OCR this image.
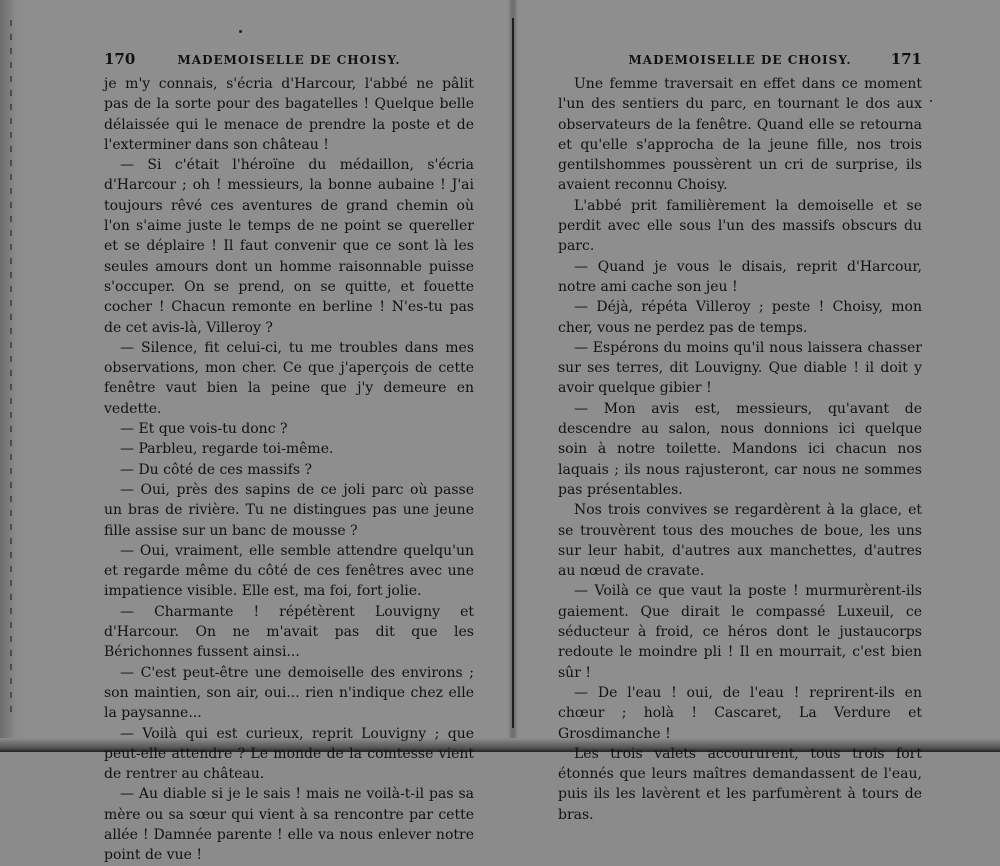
170	MADEMOISELLE DE CHOISY.

je m'y connais, s'écria d'Harcour, l'abbé ne pâlit pas de la sorte pour des bagatelles ! Quelque belle délaissée qui le menace de prendre la poste et de l'exterminer dans son château !

— Si c'était l'héroïne du médaillon, s'écria d'Harcour ; oh ! messieurs, la bonne aubaine ! J'ai toujours rêvé ces aventures de grand chemin où l'on s'aime juste le temps de ne point se quereller et se déplaire ! Il faut convenir que ce sont là les seules amours dont un homme raisonnable puisse s'occuper. On se prend, on se quitte, et fouette cocher ! Chacun remonte en berline ! N'es-tu pas de cet avis-là, Villeroy ?

— Silence, fit celui-ci, tu me troubles dans mes observations, mon cher. Ce que j'aperçois de cette fenêtre vaut bien la peine que j'y demeure en vedette.

— Et que vois-tu donc ?

— Parbleu, regarde toi-même.

— Du côté de ces massifs ?

— Oui, près des sapins de ce joli parc où passe un bras de rivière. Tu ne distingues pas une jeune fille assise sur un banc de mousse ?

— Oui, vraiment, elle semble attendre quelqu'un et regarde même du côté de ces fenêtres avec une impatience visible. Elle est, ma foi, fort jolie.

— Charmante ! répétèrent Louvigny et d'Harcour. On ne m'avait pas dit que les Bérichonnes fussent ainsi...

— C'est peut-être une demoiselle des environs ; son maintien, son air, oui... rien n'indique chez elle la paysanne...

— Voilà qui est curieux, reprit Louvigny ; que peut-elle attendre ? Le monde de la comtesse vient de rentrer au château.

— Au diable si je le sais ! mais ne voilà-t-il pas sa mère ou sa sœur qui vient à sa rencontre par cette allée ! Damnée parente ! elle va nous enlever notre point de vue !

MADEMOISELLE DE CHOISY.	171

Une femme traversait en effet dans ce moment l'un des sentiers du parc, en tournant le dos aux observateurs de la fenêtre. Quand elle se retourna et qu'elle s'approcha de la jeune fille, nos trois gentilshommes poussèrent un cri de surprise, ils avaient reconnu Choisy.

L'abbé prit familièrement la demoiselle et se perdit avec elle sous l'un des massifs obscurs du parc.

— Quand je vous le disais, reprit d'Harcour, notre ami cache son jeu !

— Déjà, répéta Villeroy ; peste ! Choisy, mon cher, vous ne perdez pas de temps.

— Espérons du moins qu'il nous laissera chasser sur ses terres, dit Louvigny. Que diable ! il doit y avoir quelque gibier !

— Mon avis est, messieurs, qu'avant de descendre au salon, nous donnions ici quelque soin à notre toilette. Mandons ici chacun nos laquais ; ils nous rajusteront, car nous ne sommes pas présentables.

Nos trois convives se regardèrent à la glace, et se trouvèrent tous des mouches de boue, les uns sur leur habit, d'autres aux manchettes, d'autres au nœud de cravate.

— Voilà ce que vaut la poste ! murmurèrent-ils gaiement. Que dirait le compassé Luxeuil, ce séducteur à froid, ce héros dont le justaucorps redoute le moindre pli ! Il en mourrait, c'est bien sûr !

— De l'eau ! oui, de l'eau ! reprirent-ils en chœur ; holà ! Cascaret, La Verdure et Grosdimanche !

Les trois valets accoururent, tous trois fort étonnés que leurs maîtres demandassent de l'eau, puis ils les lavèrent et les parfumèrent à tours de bras.
